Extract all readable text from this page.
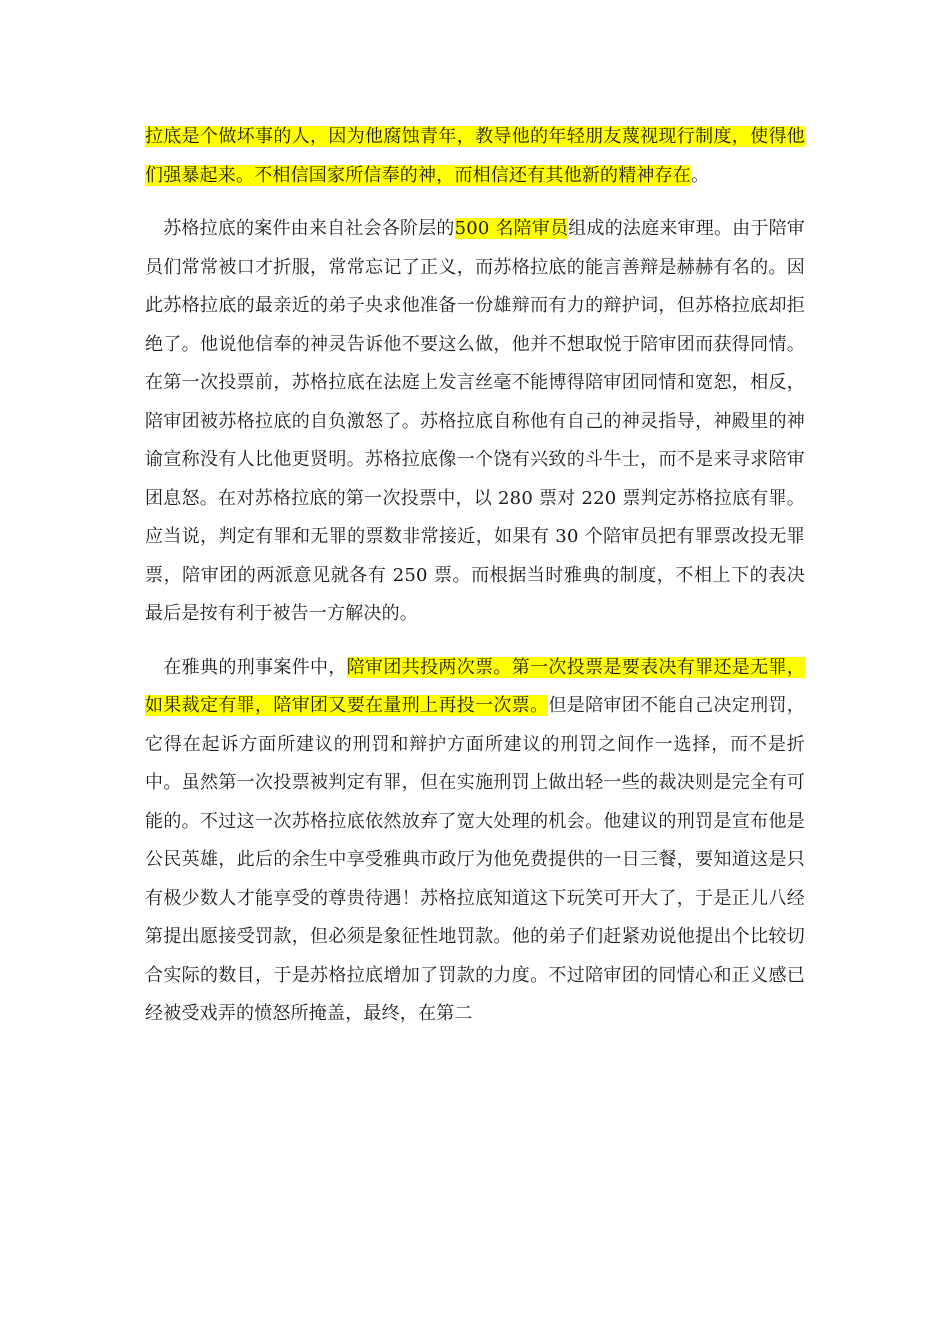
拉底是个做坏事的人，因为他腐蚀青年，教导他的年轻朋友蔑视现行制度，使得他们强暴起来。不相信国家所信奉的神，而相信还有其他新的精神存在。

　苏格拉底的案件由来自社会各阶层的500 名陪审员组成的法庭来审理。由于陪审员们常常被口才折服，常常忘记了正义，而苏格拉底的能言善辩是赫赫有名的。因此苏格拉底的最亲近的弟子央求他准备一份雄辩而有力的辩护词，但苏格拉底却拒绝了。他说他信奉的神灵告诉他不要这么做，他并不想取悦于陪审团而获得同情。在第一次投票前，苏格拉底在法庭上发言丝毫不能博得陪审团同情和宽恕，相反，陪审团被苏格拉底的自负激怒了。苏格拉底自称他有自己的神灵指导，神殿里的神谕宣称没有人比他更贤明。苏格拉底像一个饶有兴致的斗牛士，而不是来寻求陪审团息怒。在对苏格拉底的第一次投票中，以 280 票对 220 票判定苏格拉底有罪。应当说，判定有罪和无罪的票数非常接近，如果有 30 个陪审员把有罪票改投无罪票，陪审团的两派意见就各有 250 票。而根据当时雅典的制度，不相上下的表决最后是按有利于被告一方解决的。

　在雅典的刑事案件中，陪审团共投两次票。第一次投票是要表决有罪还是无罪，如果裁定有罪，陪审团又要在量刑上再投一次票。但是陪审团不能自己决定刑罚，它得在起诉方面所建议的刑罚和辩护方面所建议的刑罚之间作一选择，而不是折中。虽然第一次投票被判定有罪，但在实施刑罚上做出轻一些的裁决则是完全有可能的。不过这一次苏格拉底依然放弃了宽大处理的机会。他建议的刑罚是宣布他是公民英雄，此后的余生中享受雅典市政厅为他免费提供的一日三餐，要知道这是只有极少数人才能享受的尊贵待遇！苏格拉底知道这下玩笑可开大了，于是正儿八经第提出愿接受罚款，但必须是象征性地罚款。他的弟子们赶紧劝说他提出个比较切合实际的数目，于是苏格拉底增加了罚款的力度。不过陪审团的同情心和正义感已经被受戏弄的愤怒所掩盖，最终，在第二
